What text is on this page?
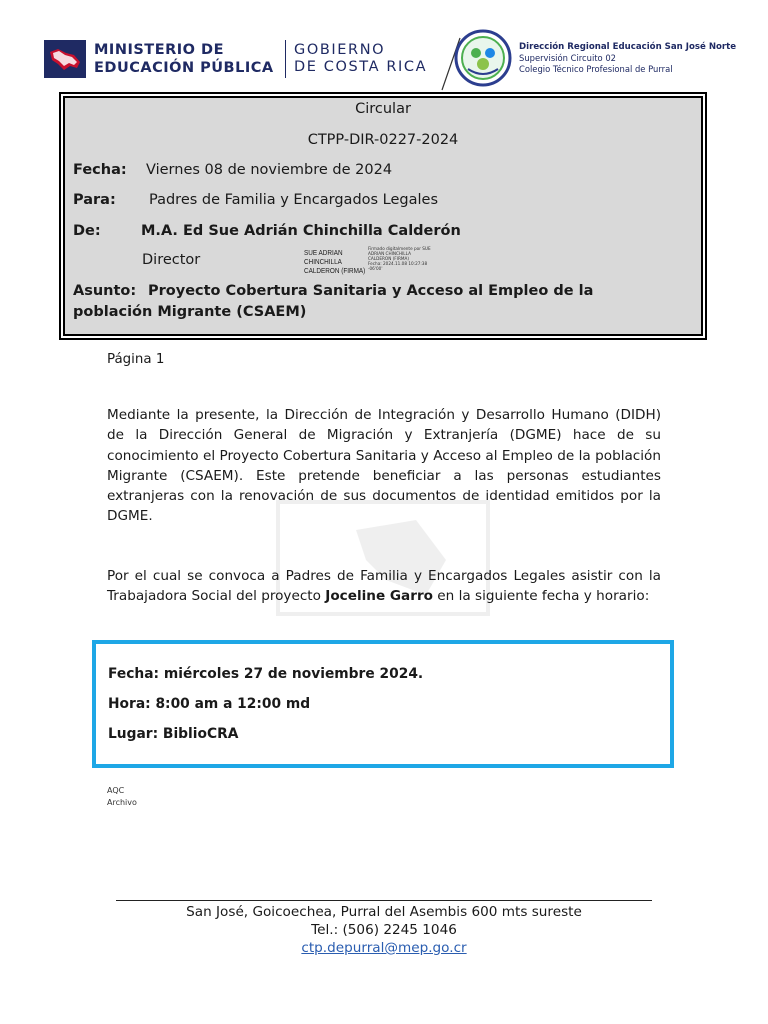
MINISTERIO DE
EDUCACIÓN PÚBLICA
GOBIERNO
DE COSTA RICA
Dirección Regional Educación San José Norte
Supervisión Circuito 02
Colegio Técnico Profesional de Purral
Circular
CTPP-DIR-0227-2024
Fecha: Viernes 08 de noviembre de 2024
Para: Padres de Familia y Encargados Legales
De:	M.A. Ed Sue Adrián Chinchilla Calderón
Director	SUE ADRIAN
CHINCHILLA
CALDERON (FIRMA)
Firmado digitalmente por SUE
ADRIAN CHINCHILLA
CALDERON (FIRMA)
Fecha: 2024.11.08 10:27:38
-06'00'
Asunto: Proyecto Cobertura Sanitaria y Acceso al Empleo de la
población Migrante (CSAEM)
Página 1
Mediante la presente, la Dirección de Integración y Desarrollo Humano (DIDH) de la Dirección General de Migración y Extranjería (DGME) hace de su conocimiento el Proyecto Cobertura Sanitaria y Acceso al Empleo de la población Migrante (CSAEM). Este pretende beneficiar a las personas estudiantes extranjeras con la renovación de sus documentos de identidad emitidos por la DGME.
Por el cual se convoca a Padres de Familia y Encargados Legales asistir con la Trabajadora Social del proyecto Joceline Garro en la siguiente fecha y horario:
Fecha: miércoles 27 de noviembre 2024.
Hora: 8:00 am a 12:00 md
Lugar: BiblioCRA
AQC
Archivo
San José, Goicoechea, Purral del Asembis 600 mts sureste
Tel.: (506) 2245 1046
ctp.depurral@mep.go.cr
